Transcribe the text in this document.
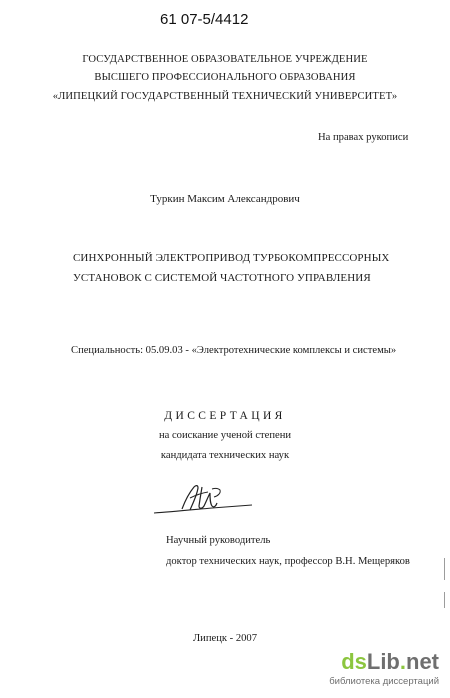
61 07-5/4412
ГОСУДАРСТВЕННОЕ ОБРАЗОВАТЕЛЬНОЕ УЧРЕЖДЕНИЕ
ВЫСШЕГО ПРОФЕССИОНАЛЬНОГО ОБРАЗОВАНИЯ
«ЛИПЕЦКИЙ ГОСУДАРСТВЕННЫЙ ТЕХНИЧЕСКИЙ УНИВЕРСИТЕТ»
На правах рукописи
Туркин Максим Александрович
СИНХРОННЫЙ ЭЛЕКТРОПРИВОД ТУРБОКОМПРЕССОРНЫХ
УСТАНОВОК С СИСТЕМОЙ ЧАСТОТНОГО УПРАВЛЕНИЯ
Специальность: 05.09.03 - «Электротехнические комплексы и системы»
ДИССЕРТАЦИЯ
на соискание ученой степени
кандидата технических наук
Научный руководитель
доктор технических наук, профессор В.Н. Мещеряков
Липецк - 2007
dsLib.net
библиотека диссертаций
